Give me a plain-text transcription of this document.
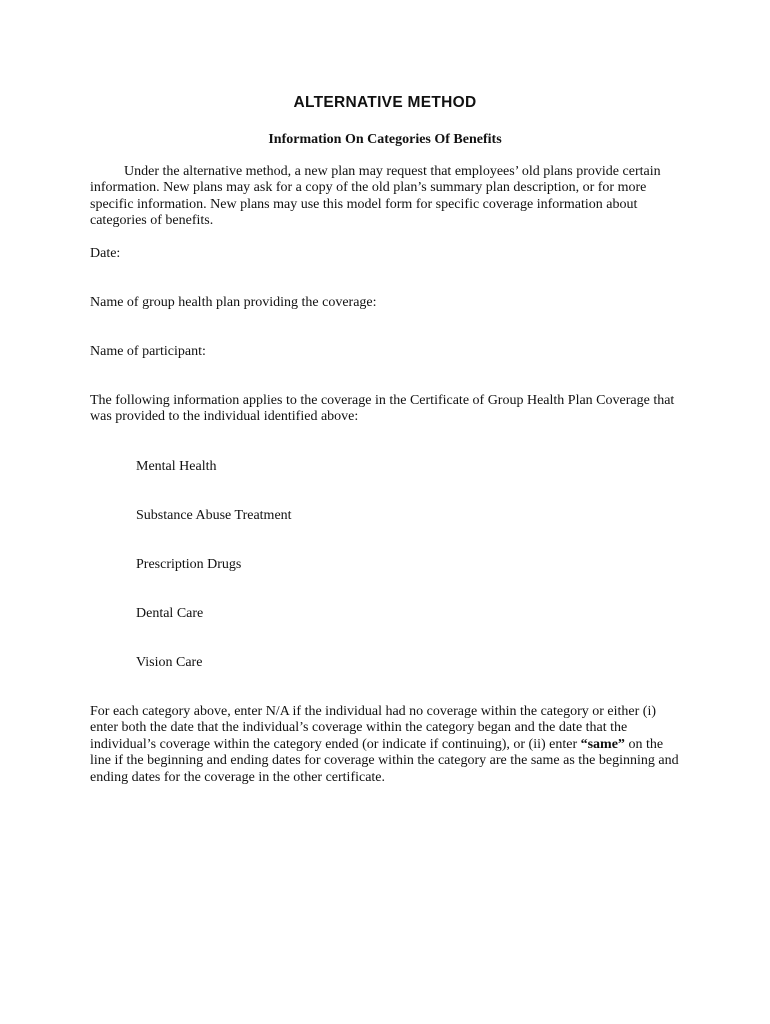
ALTERNATIVE METHOD
Information On Categories Of Benefits

Under the alternative method, a new plan may request that employees’ old plans provide certain information. New plans may ask for a copy of the old plan’s summary plan description, or for more specific information. New plans may use this model form for specific coverage information about categories of benefits.

Date:

Name of group health plan providing the coverage:

Name of participant:

The following information applies to the coverage in the Certificate of Group Health Plan Coverage that was provided to the individual identified above:

Mental Health

Substance Abuse Treatment

Prescription Drugs

Dental Care

Vision Care

For each category above, enter N/A if the individual had no coverage within the category or either (i) enter both the date that the individual’s coverage within the category began and the date that the individual’s coverage within the category ended (or indicate if continuing), or (ii) enter “same” on the line if the beginning and ending dates for coverage within the category are the same as the beginning and ending dates for the coverage in the other certificate.
